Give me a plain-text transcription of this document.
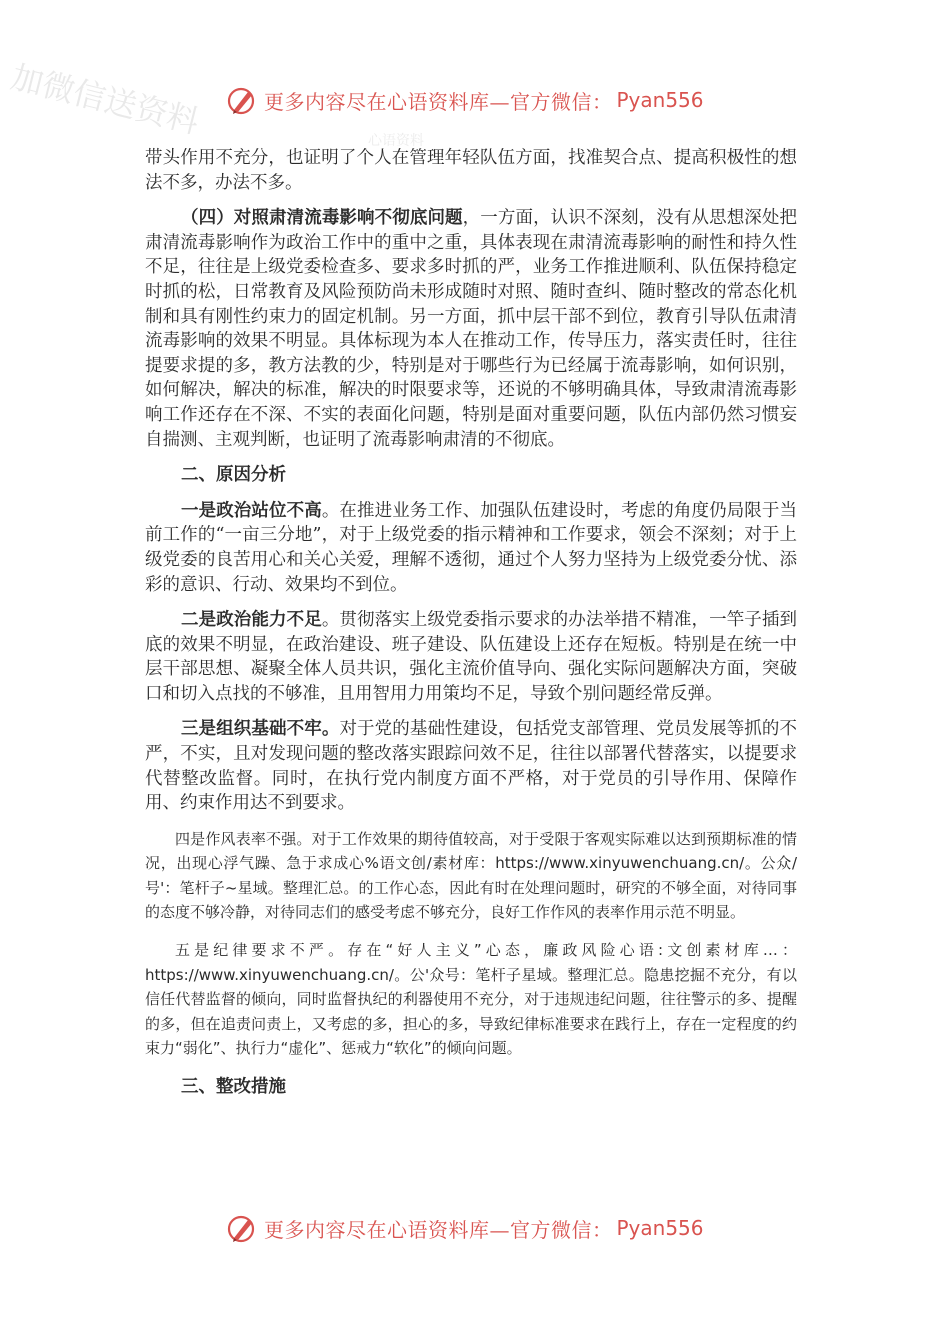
加微信送资料	更多内容尽在心语资料库—官方微信： Pyan556
心语资料

带头作用不充分，也证明了个人在管理年轻队伍方面，找准契合点、提高积极性的想法不多，办法不多。

（四）对照肃清流毒影响不彻底问题，一方面，认识不深刻，没有从思想深处把肃清流毒影响作为政治工作中的重中之重，具体表现在肃清流毒影响的耐性和持久性不足，往往是上级党委检查多、要求多时抓的严，业务工作推进顺利、队伍保持稳定时抓的松，日常教育及风险预防尚未形成随时对照、随时查纠、随时整改的常态化机制和具有刚性约束力的固定机制。另一方面，抓中层干部不到位，教育引导队伍肃清流毒影响的效果不明显。具体标现为本人在推动工作，传导压力，落实责任时，往往提要求提的多，教方法教的少，特别是对于哪些行为已经属于流毒影响，如何识别，如何解决，解决的标准，解决的时限要求等，还说的不够明确具体，导致肃清流毒影响工作还存在不深、不实的表面化问题，特别是面对重要问题，队伍内部仍然习惯妄自揣测、主观判断，也证明了流毒影响肃清的不彻底。

二、原因分析

一是政治站位不高。在推进业务工作、加强队伍建设时，考虑的角度仍局限于当前工作的“一亩三分地”，对于上级党委的指示精神和工作要求，领会不深刻；对于上级党委的良苦用心和关心关爱，理解不透彻，通过个人努力坚持为上级党委分忧、添彩的意识、行动、效果均不到位。

二是政治能力不足。贯彻落实上级党委指示要求的办法举措不精准，一竿子插到底的效果不明显，在政治建设、班子建设、队伍建设上还存在短板。特别是在统一中层干部思想、凝聚全体人员共识，强化主流价值导向、强化实际问题解决方面，突破口和切入点找的不够准，且用智用力用策均不足，导致个别问题经常反弹。

三是组织基础不牢。对于党的基础性建设，包括党支部管理、党员发展等抓的不严，不实，且对发现问题的整改落实跟踪问效不足，往往以部署代替落实，以提要求代替整改监督。同时，在执行党内制度方面不严格，对于党员的引导作用、保障作用、约束作用达不到要求。

四是作风表率不强。对于工作效果的期待值较高，对于受限于客观实际难以达到预期标准的情况，出现心浮气躁、急于求成心%语文创/素材库：https://www.xinyuwenchuang.cn/。公众/号'：笔杆子~星域。整理汇总。的工作心态，因此有时在处理问题时，研究的不够全面，对待同事的态度不够冷静，对待同志们的感受考虑不够充分，良好工作作风的表率作用示范不明显。

五是纪律要求不严。存在“好人主义”心态，廉政风险心语:文创素材库…：https://www.xinyuwenchuang.cn/。公'众号：笔杆子星域。整理汇总。隐患挖掘不充分，有以信任代替监督的倾向，同时监督执纪的利器使用不充分，对于违规违纪问题，往往警示的多、提醒的多，但在追责问责上，又考虑的多，担心的多，导致纪律标准要求在践行上，存在一定程度的约束力“弱化”、执行力“虚化”、惩戒力“软化”的倾向问题。

三、整改措施
更多内容尽在心语资料库—官方微信： Pyan556
